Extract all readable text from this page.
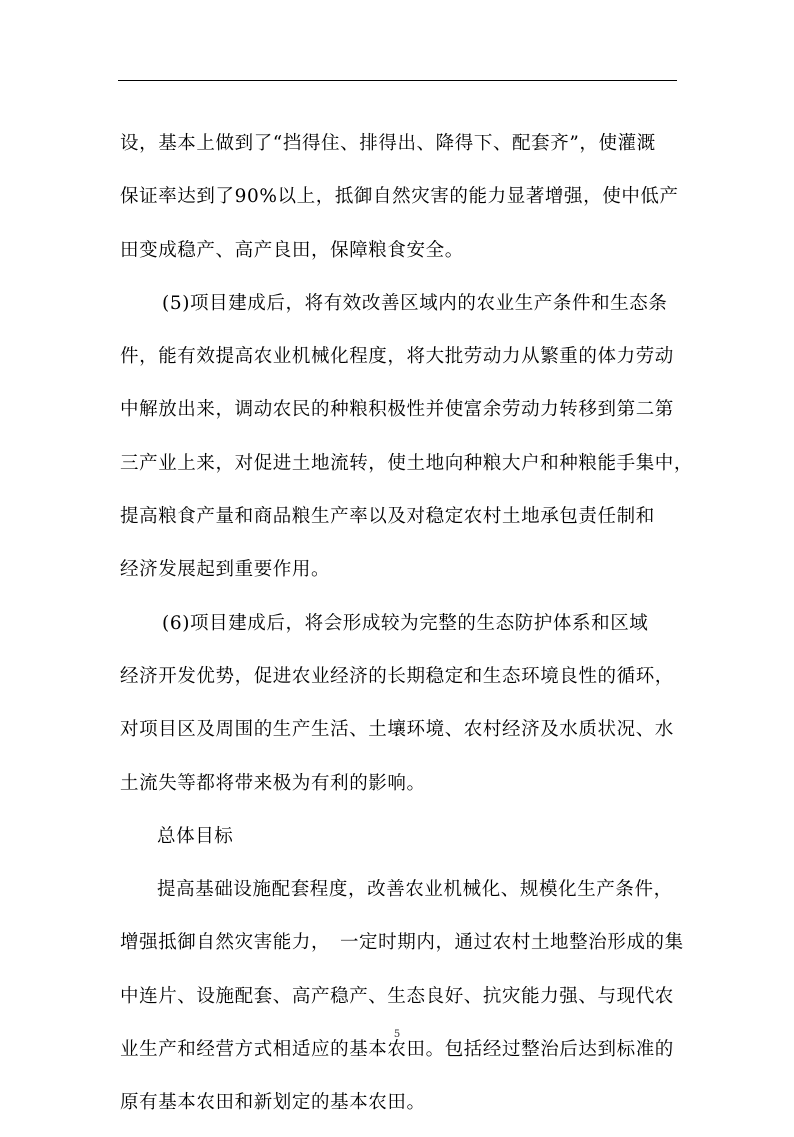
设，基本上做到了“挡得住、排得出、降得下、配套齐”，使灌溉
保证率达到了90%以上，抵御自然灾害的能力显著增强，使中低产
田变成稳产、高产良田，保障粮食安全。
(5)项目建成后，将有效改善区域内的农业生产条件和生态条
件，能有效提高农业机械化程度，将大批劳动力从繁重的体力劳动
中解放出来，调动农民的种粮积极性并使富余劳动力转移到第二第
三产业上来，对促进土地流转，使土地向种粮大户和种粮能手集中，
提高粮食产量和商品粮生产率以及对稳定农村土地承包责任制和
经济发展起到重要作用。
(6)项目建成后，将会形成较为完整的生态防护体系和区域
经济开发优势，促进农业经济的长期稳定和生态环境良性的循环，
对项目区及周围的生产生活、土壤环境、农村经济及水质状况、水
土流失等都将带来极为有利的影响。
总体目标
提高基础设施配套程度，改善农业机械化、规模化生产条件，
增强抵御自然灾害能力，　一定时期内，通过农村土地整治形成的集
中连片、设施配套、高产稳产、生态良好、抗灾能力强、与现代农
业生产和经营方式相适应的基本农田。包括经过整治后达到标准的
原有基本农田和新划定的基本农田。
5
